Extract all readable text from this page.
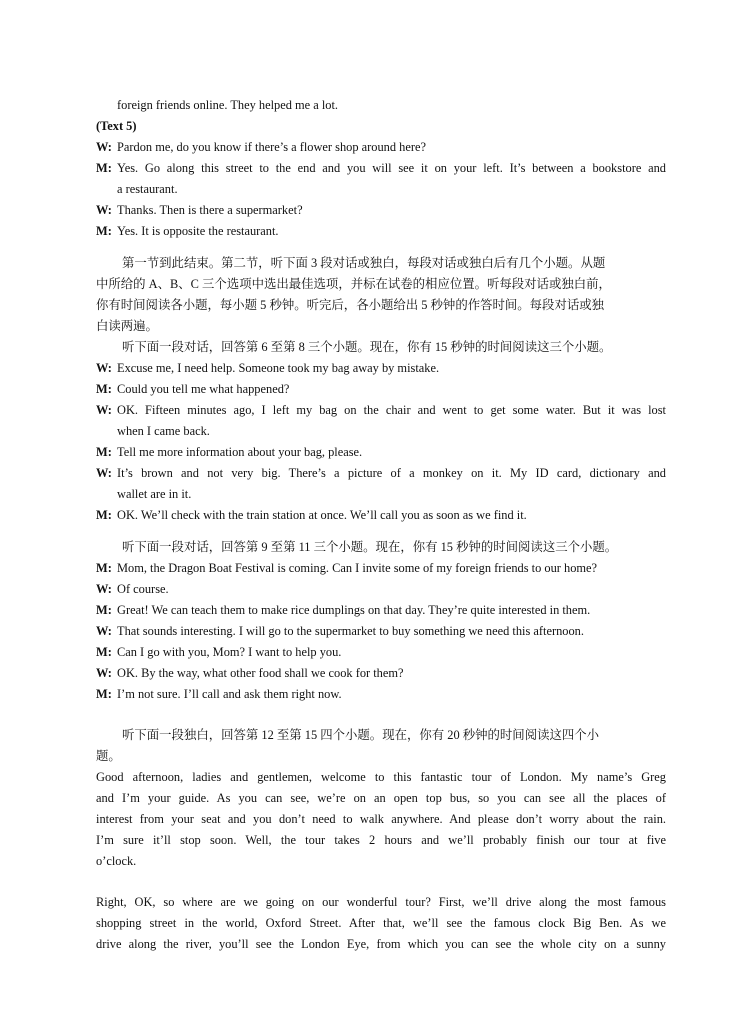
foreign friends online. They helped me a lot.
(Text 5)
W: Pardon me, do you know if there’s a flower shop around here?
M: Yes. Go along this street to the end and you will see it on your left. It’s between a bookstore and
a restaurant.
W: Thanks. Then is there a supermarket?
M: Yes. It is opposite the restaurant.
第一节到此结束。第二节，听下面 3 段对话或独白，每段对话或独白后有几个小题。从题
中所给的 A、B、C 三个选项中选出最佳选项，并标在试卷的相应位置。听每段对话或独白前，
你有时间阅读各小题，每小题 5 秒钟。听完后，各小题给出 5 秒钟的作答时间。每段对话或独
白读两遍。
听下面一段对话，回答第 6 至第 8 三个小题。现在，你有 15 秒钟的时间阅读这三个小题。
W: Excuse me, I need help. Someone took my bag away by mistake.
M: Could you tell me what happened?
W: OK. Fifteen minutes ago, I left my bag on the chair and went to get some water. But it was lost
when I came back.
M: Tell me more information about your bag, please.
W: It’s brown and not very big. There’s a picture of a monkey on it. My ID card, dictionary and
wallet are in it.
M: OK. We’ll check with the train station at once. We’ll call you as soon as we find it.
听下面一段对话，回答第 9 至第 11 三个小题。现在，你有 15 秒钟的时间阅读这三个小题。
M: Mom, the Dragon Boat Festival is coming. Can I invite some of my foreign friends to our home?
W: Of course.
M: Great! We can teach them to make rice dumplings on that day. They’re quite interested in them.
W: That sounds interesting. I will go to the supermarket to buy something we need this afternoon.
M: Can I go with you, Mom? I want to help you.
W: OK. By the way, what other food shall we cook for them?
M: I’m not sure. I’ll call and ask them right now.
听下面一段独白，回答第 12 至第 15 四个小题。现在，你有 20 秒钟的时间阅读这四个小
题。
Good afternoon, ladies and gentlemen, welcome to this fantastic tour of London. My name’s Greg
and I’m your guide. As you can see, we’re on an open top bus, so you can see all the places of
interest from your seat and you don’t need to walk anywhere. And please don’t worry about the rain.
I’m sure it’ll stop soon. Well, the tour takes 2 hours and we’ll probably finish our tour at five
o’clock.
Right, OK, so where are we going on our wonderful tour? First, we’ll drive along the most famous
shopping street in the world, Oxford Street. After that, we’ll see the famous clock Big Ben. As we
drive along the river, you’ll see the London Eye, from which you can see the whole city on a sunny
